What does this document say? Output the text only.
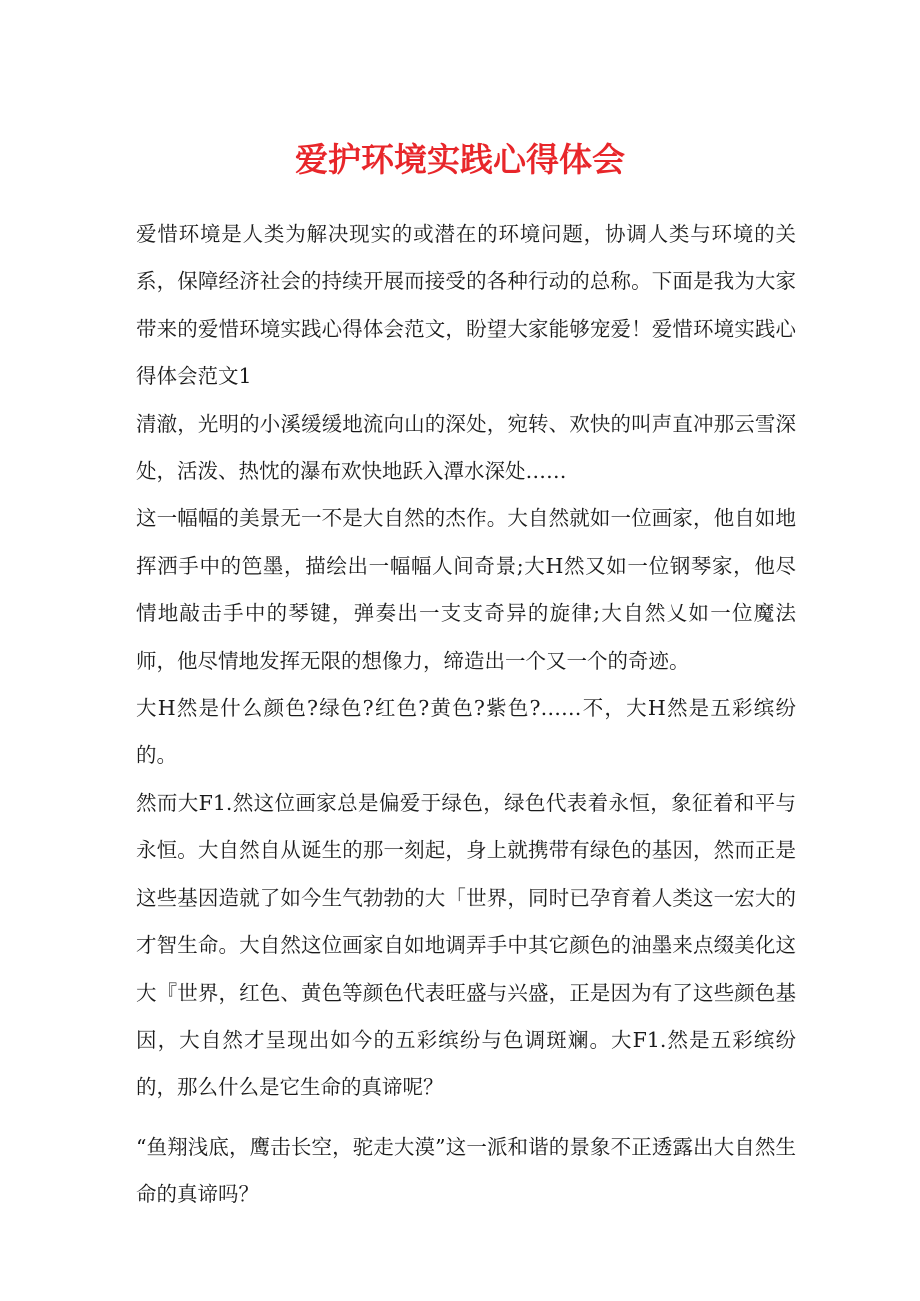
爱护环境实践心得体会

爱惜环境是人类为解决现实的或潜在的环境问题，协调人类与环境的关系，保障经济社会的持续开展而接受的各种行动的总称。下面是我为大家带来的爱惜环境实践心得体会范文，盼望大家能够宠爱！爱惜环境实践心得体会范文1

清澈，光明的小溪缓缓地流向山的深处，宛转、欢快的叫声直冲那云雪深处，活泼、热忱的瀑布欢快地跃入潭水深处……

这一幅幅的美景无一不是大自然的杰作。大自然就如一位画家，他自如地挥洒手中的笆墨，描绘出一幅幅人间奇景;大H然又如一位钢琴家，他尽情地敲击手中的琴键，弹奏出一支支奇异的旋律;大自然乂如一位魔法师，他尽情地发挥无限的想像力，缔造出一个又一个的奇迹。

大H然是什么颜色?绿色?红色?黄色?紫色?……不，大H然是五彩缤纷的。

然而大F1.然这位画家总是偏爱于绿色，绿色代表着永恒，象征着和平与永恒。大自然自从诞生的那一刻起，身上就携带有绿色的基因，然而正是这些基因造就了如今生气勃勃的大「世界，同时已孕育着人类这一宏大的才智生命。大自然这位画家自如地调弄手中其它颜色的油墨来点缀美化这大『世界，红色、黄色等颜色代表旺盛与兴盛，正是因为有了这些颜色基因，大自然才呈现出如今的五彩缤纷与色调斑斓。大F1.然是五彩缤纷的，那么什么是它生命的真谛呢？

“鱼翔浅底，鹰击长空，驼走大漠”这一派和谐的景象不正透露出大自然生命的真谛吗？
